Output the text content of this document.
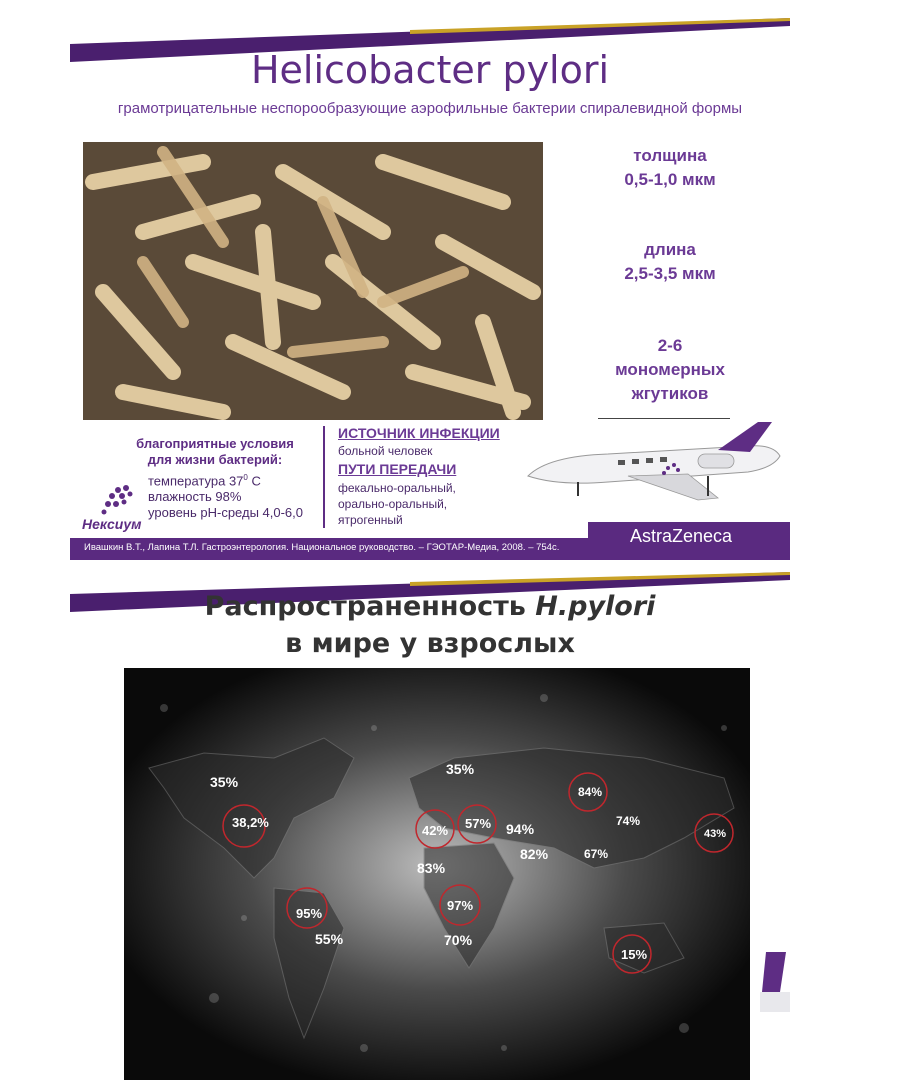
Helicobacter pylori
грамотрицательные неспорообразующие аэрофильные бактерии спиралевидной формы
толщина
0,5-1,0 мкм
длина
2,5-3,5 мкм
2-6
мономерных
жгутиков
благоприятные условия
для жизни бактерий:
температура $37^0$ С
влажность 98%
уровень pH-среды 4,0-6,0
Нексиум
ИСТОЧНИК ИНФЕКЦИИ
больной человек
ПУТИ ПЕРЕДАЧИ
фекально-оральный,
орально-оральный,
ятрогенный
AstraZeneca
Ивашкин В.Т., Лапина Т.Л. Гастроэнтерология. Национальное руководство. – ГЭОТАР-Медиа, 2008. – 754с.
Распространенность H.pylori
в мире у взрослых
35%
38,2%
35%
42% 57% 94%
84%
74%
43%
82%	67%
83%
95%
55%
97%
70%
15%
